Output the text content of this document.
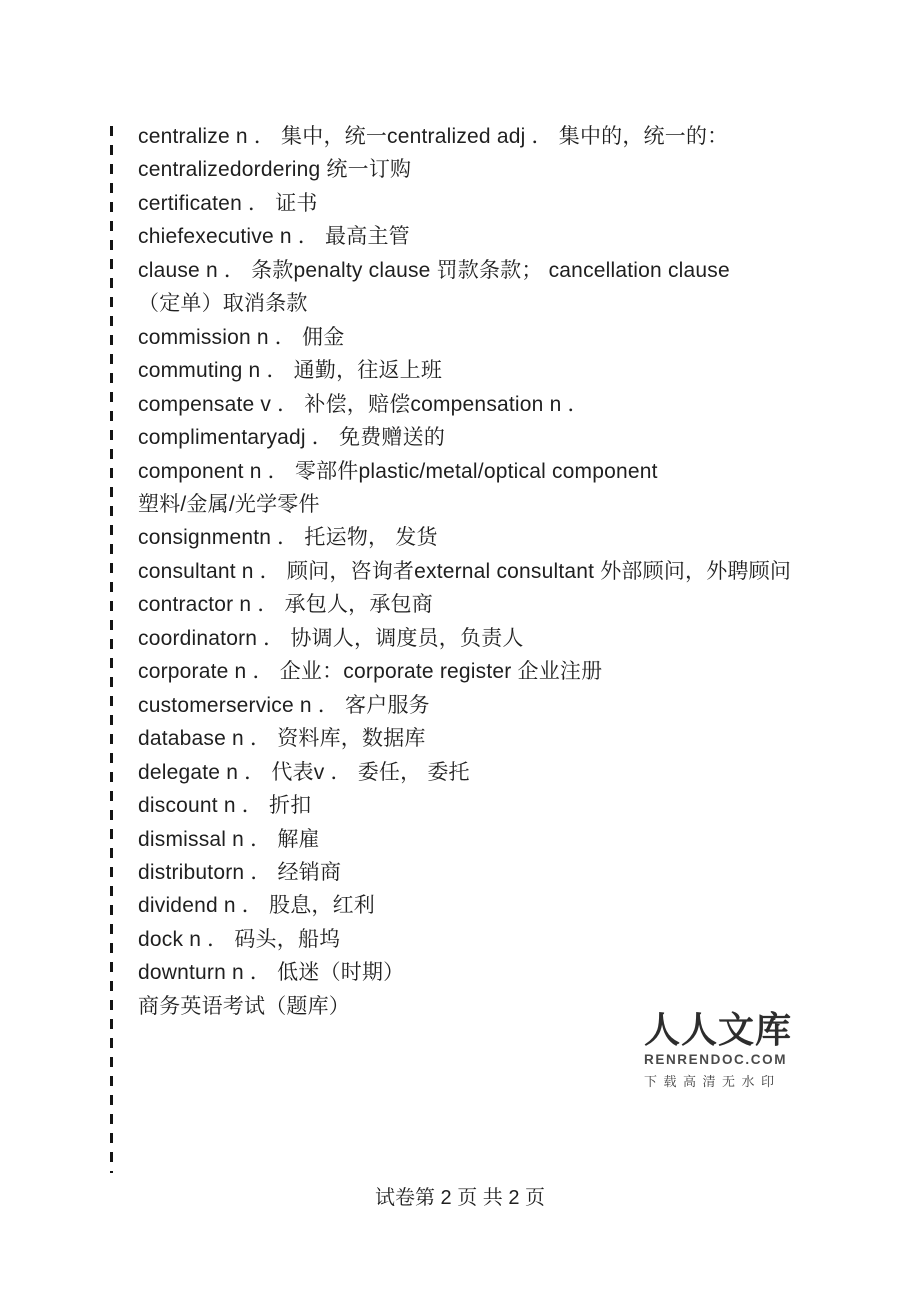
centralize n ． 集中，统一centralized adj ． 集中的，统一的：

centralizedordering 统一订购

certificaten ． 证书

chiefexecutive n ． 最高主管

clause n ． 条款penalty clause 罚款条款； cancellation clause

（定单）取消条款

commission n ． 佣金

commuting n ． 通勤，往返上班

compensate v ． 补偿，赔偿compensation n ．

complimentaryadj ． 免费赠送的

component n ． 零部件plastic/metal/optical component

塑料/金属/光学零件

consignmentn ． 托运物， 发货

consultant n ． 顾问，咨询者external consultant 外部顾问，外聘顾问

contractor n ． 承包人，承包商

coordinatorn ． 协调人，调度员，负责人

corporate n ． 企业：corporate register 企业注册

customerservice n ． 客户服务

database n ． 资料库，数据库

delegate n ． 代表v ． 委任， 委托

discount n ． 折扣

dismissal n ． 解雇

distributorn ． 经销商

dividend n ． 股息，红利

dock n ． 码头，船坞

downturn n ． 低迷（时期）

商务英语考试（题库）

人人文库
RENRENDOC.COM
下载高清无水印
试卷第 2 页 共 2 页
